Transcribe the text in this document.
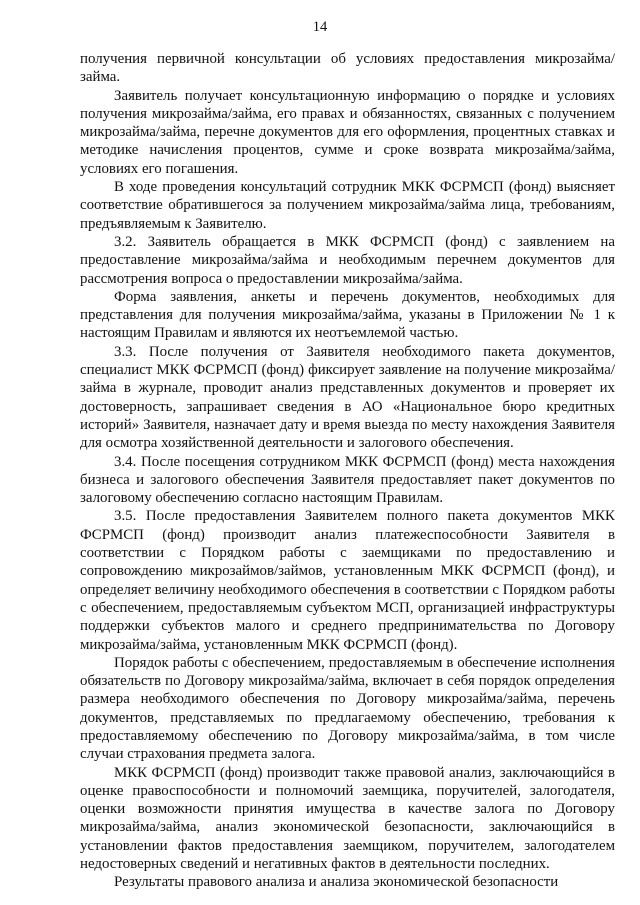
14

получения первичной консультации об условиях предоставления микрозайма/займа.

Заявитель получает консультационную информацию о порядке и условиях получения микрозайма/займа, его правах и обязанностях, связанных с получением микрозайма/займа, перечне документов для его оформления, процентных ставках и методике начисления процентов, сумме и сроке возврата микрозайма/займа, условиях его погашения.

В ходе проведения консультаций сотрудник МКК ФСРМСП (фонд) выясняет соответствие обратившегося за получением микрозайма/займа лица, требованиям, предъявляемым к Заявителю.

3.2. Заявитель обращается в МКК ФСРМСП (фонд) с заявлением на предоставление микрозайма/займа и необходимым перечнем документов для рассмотрения вопроса о предоставлении микрозайма/займа.

Форма заявления, анкеты и перечень документов, необходимых для представления для получения микрозайма/займа, указаны в Приложении № 1 к настоящим Правилам и являются их неотъемлемой частью.

3.3. После получения от Заявителя необходимого пакета документов, специалист МКК ФСРМСП (фонд) фиксирует заявление на получение микрозайма/займа в журнале, проводит анализ представленных документов и проверяет их достоверность, запрашивает сведения в АО «Национальное бюро кредитных историй» Заявителя, назначает дату и время выезда по месту нахождения Заявителя для осмотра хозяйственной деятельности и залогового обеспечения.

3.4. После посещения сотрудником МКК ФСРМСП (фонд) места нахождения бизнеса и залогового обеспечения Заявителя предоставляет пакет документов по залоговому обеспечению согласно настоящим Правилам.

3.5. После предоставления Заявителем полного пакета документов МКК ФСРМСП (фонд) производит анализ платежеспособности Заявителя в соответствии с Порядком работы с заемщиками по предоставлению и сопровождению микрозаймов/займов, установленным МКК ФСРМСП (фонд), и определяет величину необходимого обеспечения в соответствии с Порядком работы с обеспечением, предоставляемым субъектом МСП, организацией инфраструктуры поддержки субъектов малого и среднего предпринимательства по Договору микрозайма/займа, установленным МКК ФСРМСП (фонд).

Порядок работы с обеспечением, предоставляемым в обеспечение исполнения обязательств по Договору микрозайма/займа, включает в себя порядок определения размера необходимого обеспечения по Договору микрозайма/займа, перечень документов, представляемых по предлагаемому обеспечению, требования к предоставляемому обеспечению по Договору микрозайма/займа, в том числе случаи страхования предмета залога.

МКК ФСРМСП (фонд) производит также правовой анализ, заключающийся в оценке правоспособности и полномочий заемщика, поручителей, залогодателя, оценки возможности принятия имущества в качестве залога по Договору микрозайма/займа, анализ экономической безопасности, заключающийся в установлении фактов предоставления заемщиком, поручителем, залогодателем недостоверных сведений и негативных фактов в деятельности последних.

Результаты правового анализа и анализа экономической безопасности
